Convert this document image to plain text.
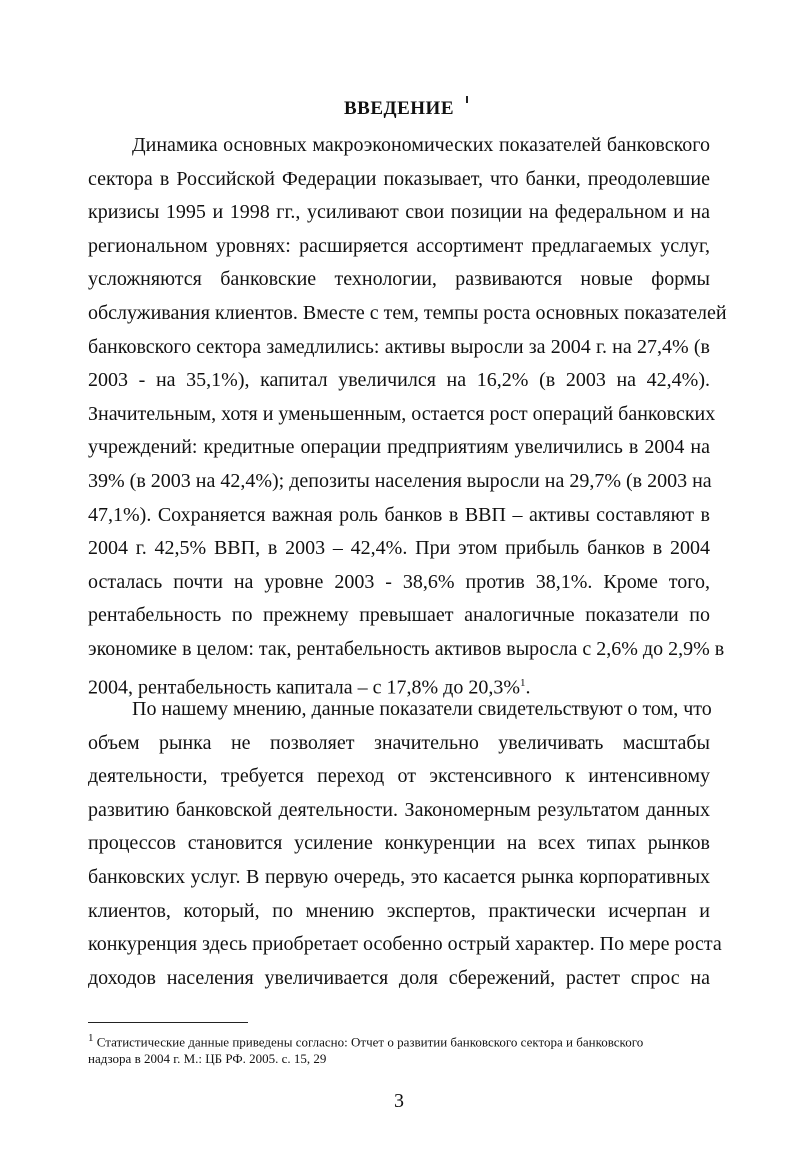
ВВЕДЕНИЕ
Динамика основных макроэкономических показателей банковского
сектора в Российской Федерации показывает, что банки, преодолевшие
кризисы 1995 и 1998 гг., усиливают свои позиции на федеральном и на
региональном уровнях: расширяется ассортимент предлагаемых услуг,
усложняются банковские технологии, развиваются новые формы
обслуживания клиентов. Вместе с тем, темпы роста основных показателей
банковского сектора замедлились: активы выросли за 2004 г. на 27,4% (в
2003 - на 35,1%), капитал увеличился на 16,2% (в 2003 на 42,4%).
Значительным, хотя и уменьшенным, остается рост операций банковских
учреждений: кредитные операции предприятиям увеличились в 2004 на
39% (в 2003 на 42,4%); депозиты населения выросли на 29,7% (в 2003 на
47,1%). Сохраняется важная роль банков в ВВП – активы составляют в
2004 г. 42,5% ВВП, в 2003 – 42,4%. При этом прибыль банков в 2004
осталась почти на уровне 2003 - 38,6% против 38,1%. Кроме того,
рентабельность по прежнему превышает аналогичные показатели по
экономике в целом: так, рентабельность активов выросла с 2,6% до 2,9% в
2004, рентабельность капитала – с 17,8% до 20,3%$^1$.
По нашему мнению, данные показатели свидетельствуют о том, что
объем рынка не позволяет значительно увеличивать масштабы
деятельности, требуется переход от экстенсивного к интенсивному
развитию банковской деятельности. Закономерным результатом данных
процессов становится усиление конкуренции на всех типах рынков
банковских услуг. В первую очередь, это касается рынка корпоративных
клиентов, который, по мнению экспертов, практически исчерпан и
конкуренция здесь приобретает особенно острый характер. По мере роста
доходов населения увеличивается доля сбережений, растет спрос на
$^1$ Статистические данные приведены согласно: Отчет о развитии банковского сектора и банковского
надзора в 2004 г. М.: ЦБ РФ. 2005. с. 15, 29
3
